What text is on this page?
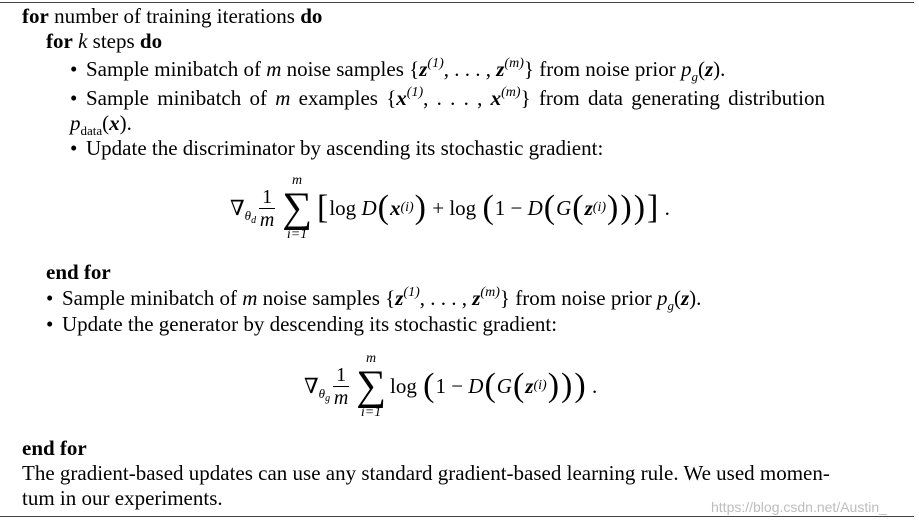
for number of training iterations do
for k steps do
• Sample minibatch of m noise samples {$z^{(1)}$, . . . , $z^{(m)}$} from noise prior $p_g(z)$.
• Sample minibatch of m examples {$x^{(1)}$, . . . , $x^{(m)}$} from data generating distribution
$p_{data}(x)$.
• Update the discriminator by ascending its stochastic gradient:
$\nabla_{\theta_d} \frac{1}{m}$
m
∑
i=1
[ log D ( x (i) ) + log ( 1 − D ( G ( z (i) ) ) ) ] .
end for
• Sample minibatch of m noise samples {$z^{(1)}$, . . . , $z^{(m)}$} from noise prior $p_g(z)$.
• Update the generator by descending its stochastic gradient:
$\nabla_{\theta_g} \frac{1}{m}$
m
∑
i=1
log ( 1 − D ( G ( z (i) ) ) ) .
end for
The gradient-based updates can use any standard gradient-based learning rule. We used momen-
tum in our experiments.	https://blog.csdn.net/Austin_
